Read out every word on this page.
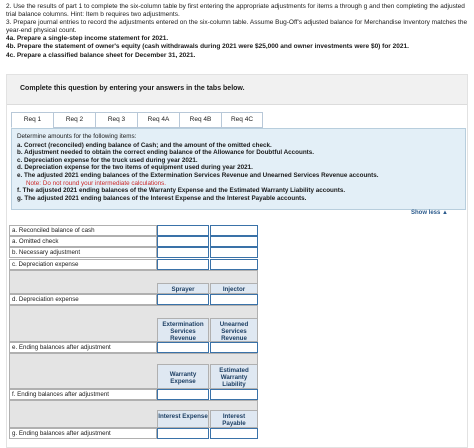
2. Use the results of part 1 to complete the six-column table by first entering the appropriate adjustments for items a through g and then completing the adjusted trial balance columns. Hint: Item b requires two adjustments.
3. Prepare journal entries to record the adjustments entered on the six-column table. Assume Bug-Off's adjusted balance for Merchandise Inventory matches the year-end physical count.
4a. Prepare a single-step income statement for 2021.
4b. Prepare the statement of owner's equity (cash withdrawals during 2021 were $25,000 and owner investments were $0) for 2021.
4c. Prepare a classified balance sheet for December 31, 2021.
Complete this question by entering your answers in the tabs below.
Req 1	Req 2	Req 3	Req 4A	Req 4B	Req 4C
Determine amounts for the following items:
a. Correct (reconciled) ending balance of Cash; and the amount of the omitted check.
b. Adjustment needed to obtain the correct ending balance of the Allowance for Doubtful Accounts.
c. Depreciation expense for the truck used during year 2021.
d. Depreciation expense for the two items of equipment used during year 2021.
e. The adjusted 2021 ending balances of the Extermination Services Revenue and Unearned Services Revenue accounts.
Note: Do not round your intermediate calculations.
f. The adjusted 2021 ending balances of the Warranty Expense and the Estimated Warranty Liability accounts.
g. The adjusted 2021 ending balances of the Interest Expense and the Interest Payable accounts.
Show less ▲
a. Reconciled balance of cash
a. Omitted check
b. Necessary adjustment
c. Depreciation expense
Sprayer	Injector
d. Depreciation expense
Extermination Services Revenue
Unearned Services Revenue
e. Ending balances after adjustment
Warranty Expense
Estimated Warranty Liability
f. Ending balances after adjustment
Interest Expense	Interest Payable
g. Ending balances after adjustment
